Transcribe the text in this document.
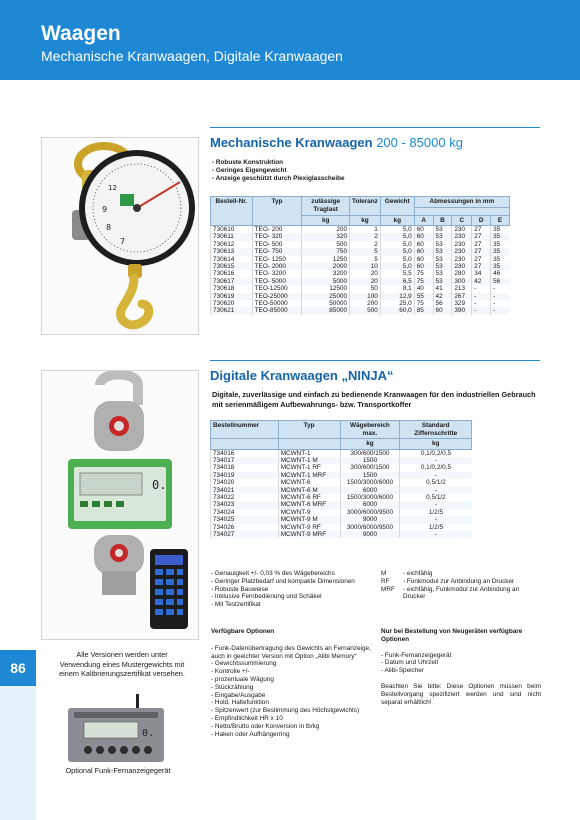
Waagen
Mechanische Kranwaagen, Digitale Kranwaagen
86
12
9
8
7
Mechanische Kranwaagen 200 - 85000 kg
- Robuste Konstruktion
- Geringes Eigengewicht
- Anzeige geschützt durch Plexiglasscheibe
Bestell-Nr.	Typ	zulässige Traglast	Toleranz	Gewicht	Abmessungen in mm				

		kg	kg	kg	A	B	C	D	E
730610	TEO- 200	200	1	5,0	60	53	230	27	35
730611	TEO- 320	320	2	5,0	60	53	230	27	35
730612	TEO- 500	500	2	5,0	60	53	230	27	35
730613	TEO- 750	750	5	5,0	60	53	230	27	35
730614	TEO- 1250	1250	5	5,0	60	53	230	27	35
730615	TEO- 2000	2000	10	5,0	60	53	230	27	35
730616	TEO- 3200	3200	20	5,5	75	53	280	34	46
730617	TEO- 5000	5000	20	6,5	75	53	300	42	56
730618	TEO-12500	12500	50	8,1	40	41	213	-	-
730619	TEO-25000	25000	100	12,9	55	42	267	-	-
730620	TEO-50000	50000	200	25,0	75	56	329	-	-
730621	TEO-85000	85000	500	60,0	85	60	390	-	-
0.
Digitale Kranwaagen „NINJA“
Digitale, zuverlässige und einfach zu bedienende Kranwaagen für den industriellen Gebrauch mit serienmäßigem Aufbewahrungs- bzw. Transportkoffer
Bestellnummer	Typ	Wägebereich max.	Standard Ziffernschritte
		kg	kg
734016	MCWNT-1	300/600/1500	0,1/0,2/0,5
734017	MCWNT-1 M	1500	-
734018	MCWNT-1 RF	300/600/1500	0,1/0,2/0,5
734019	MCWNT-1 MRF	1500	-
734020	MCWNT-6	1500/3000/6000	0,5/1/2
734021	MCWNT-6 M	6000	-
734022	MCWNT-6 RF	1500/3000/6000	0,5/1/2
734023	MCWNT-6 MRF	6000	-
734024	MCWNT-9	3000/6000/9500	1/2/5
734025	MCWNT-9 M	9000	-
734026	MCWNT-9 RF	3000/6000/9500	1/2/5
734027	MCWNT-9 MRF	9000	-
- Genauigkeit +/- 0,03 % des Wägebereichs
- Geringer Platzbedarf und kompakte Dimensionen
- Robuste Bauweise
- Inklusive Fernbedienung und Schäkel
- Mit Testzertifikat
M	- eichfähig
RF	- Funkmodul zur Anbindung an Drucker
MRF	- eichfähig, Funkmodul zur Anbindung an Drucker
Verfügbare Optionen
- Funk-Datenübertragung des Gewichts an Fernanzeige, auch in geeichter Version mit Option „Alibi Memory“
- Gewichtssummierung
- Kontrolle +/-
- prozentuale Wägung
- Stückzählung
- Eingabe/Ausgabe
- Hold, Haltefunktion
- Spitzenwert (zur Bestimmung des Höchstgewichts)
- Empfindlichkeit HR x 10
- Netto/Brutto oder Konversion in lb/kg
- Haken oder Aufhängerring
Nur bei Bestellung von Neugeräten verfügbare Optionen
- Funk-Fernanzeigegerät
- Datum und Uhrzeit
- Alibi-Speicher
Beachten Sie bitte: Diese Optionen müssen beim Bestellvorgang spezifiziert werden und sind nicht separat erhältlich!
Alle Versionen werden unter Verwendung eines Mustergewichts mit einem Kalibrierungszertifikat versehen.
0.
Optional Funk-Fernanzeigegerät
